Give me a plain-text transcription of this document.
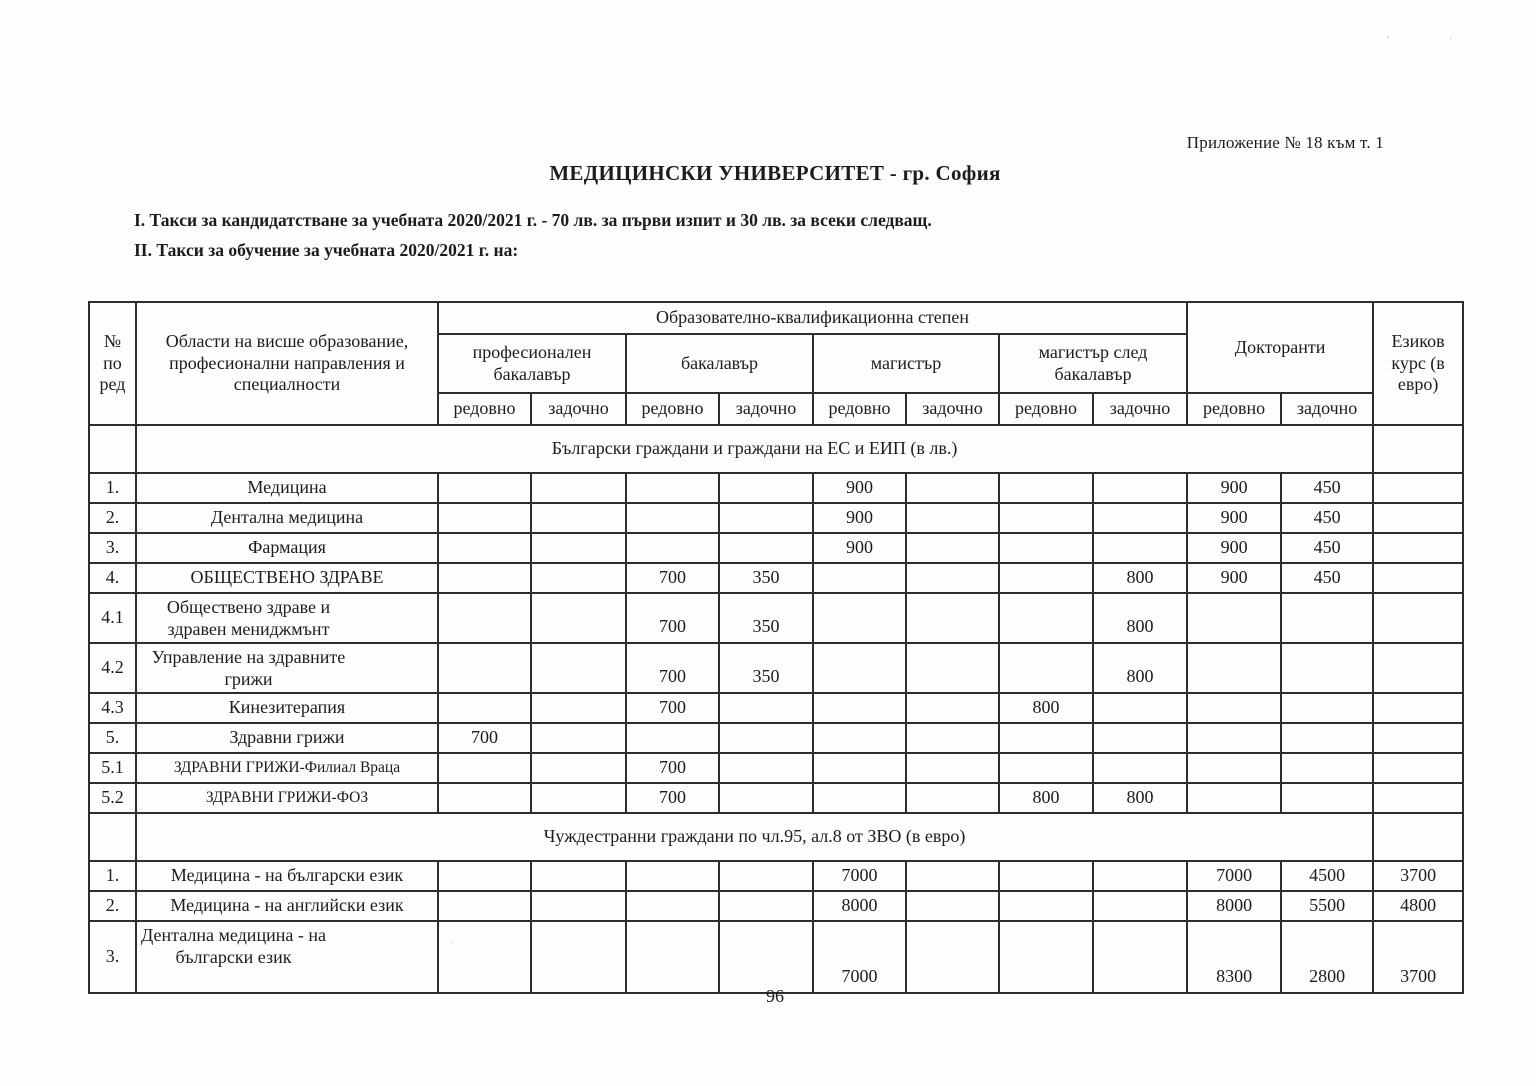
Приложение № 18 към т. 1
МЕДИЦИНСКИ УНИВЕРСИТЕТ - гр. София
I. Такси за кандидатстване за учебната 2020/2021 г. - 70 лв. за първи изпит и 30 лв. за всеки следващ.
II. Такси за обучение за учебната 2020/2021 г. на:
№ по ред	Области на висше образование, професионални направления и специалности	Образователно-квалификационна степен								Докторанти		Езиков курс (в евро)
		професионален бакалавър		бакалавър		магистър		магистър след бакалавър				
		редовно	задочно	редовно	задочно	редовно	задочно	редовно	задочно	редовно	задочно	
	Български граждани и граждани на ЕС и ЕИП (в лв.)											
1.	Медицина					900				900	450	
2.	Дентална медицина					900				900	450	
3.	Фармация					900				900	450	
4.	ОБЩЕСТВЕНО ЗДРАВЕ			700	350				800	900	450	
4.1	Обществено здраве и здравен мениджмънт			700	350				800			
4.2	Управление на здравните грижи			700	350				800			
4.3	Кинезитерапия			700				800				
5.	Здравни грижи	700										
5.1	ЗДРАВНИ ГРИЖИ-Филиал Враца			700								
5.2	ЗДРАВНИ ГРИЖИ-ФОЗ			700				800	800			
	Чуждестранни граждани по чл.95, ал.8 от ЗВО (в евро)											
1.	Медицина - на български език					7000				7000	4500	3700
2.	Медицина - на английски език					8000				8000	5500	4800
3.	Дентална медицина - на български език					7000				8300	2800	3700
96
ʼ	·
·
